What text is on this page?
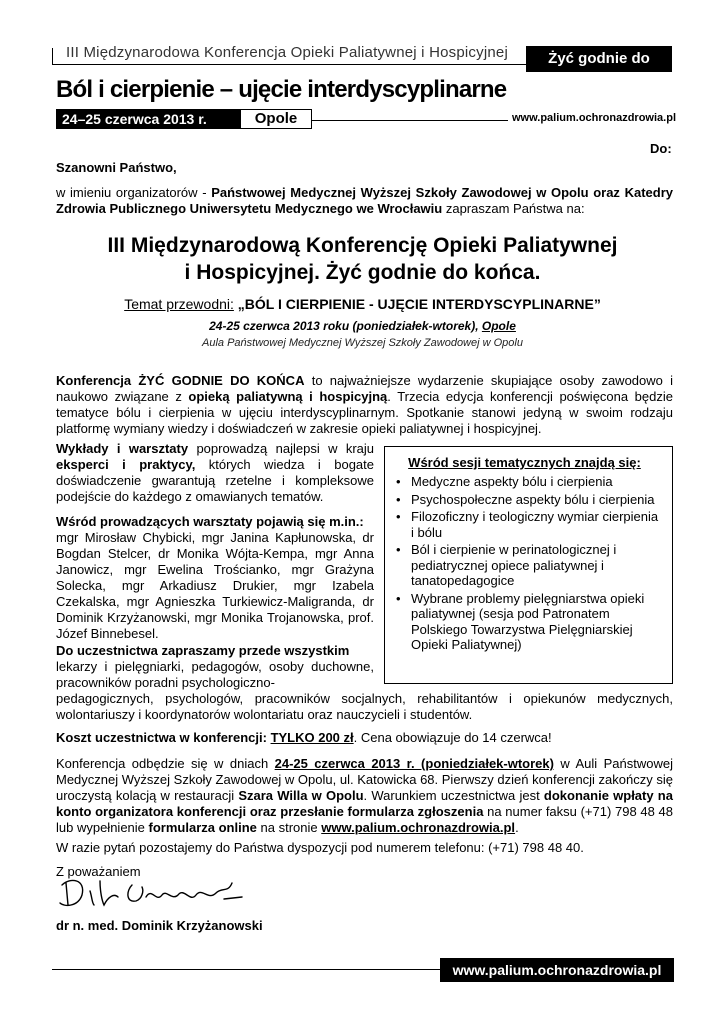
III Międzynarodowa Konferencja Opieki Paliatywnej i Hospicyjnej	Żyć godnie do końca
Ból i cierpienie – ujęcie interdyscyplinarne
24–25 czerwca 2013 r.	Opole	www.palium.ochronazdrowia.pl
Do:
Szanowni Państwo,
w imieniu organizatorów - Państwowej Medycznej Wyższej Szkoły Zawodowej w Opolu oraz Katedry Zdrowia Publicznego Uniwersytetu Medycznego we Wrocławiu zapraszam Państwa na:
III Międzynarodową Konferencję Opieki Paliatywnej
i Hospicyjnej. Żyć godnie do końca.
Temat przewodni: „BÓL I CIERPIENIE - UJĘCIE INTERDYSCYPLINARNE”
24-25 czerwca 2013 roku (poniedziałek-wtorek), Opole
Aula Państwowej Medycznej Wyższej Szkoły Zawodowej w Opolu
Konferencja ŻYĆ GODNIE DO KOŃCA to najważniejsze wydarzenie skupiające osoby zawodowo i naukowo związane z opieką paliatywną i hospicyjną. Trzecia edycja konferencji poświęcona będzie tematyce bólu i cierpienia w ujęciu interdyscyplinarnym. Spotkanie stanowi jedyną w swoim rodzaju platformę wymiany wiedzy i doświadczeń w zakresie opieki paliatywnej i hospicyjnej.
Wykłady i warsztaty poprowadzą najlepsi w kraju eksperci i praktycy, których wiedza i bogate doświadczenie gwarantują rzetelne i kompleksowe podejście do każdego z omawianych tematów.
Wśród prowadzących warsztaty pojawią się m.in.:
mgr Mirosław Chybicki, mgr Janina Kapłunowska, dr Bogdan Stelcer, dr Monika Wójta-Kempa, mgr Anna Janowicz, mgr Ewelina Trościanko, mgr Grażyna Solecka, mgr Arkadiusz Drukier, mgr Izabela Czekalska, mgr Agnieszka Turkiewicz-Maligranda, dr Dominik Krzyżanowski, mgr Monika Trojanowska, prof. Józef Binnebesel.
Do uczestnictwa zapraszamy przede wszystkim
lekarzy i pielęgniarki, pedagogów, osoby duchowne, pracowników poradni psychologiczno-
pedagogicznych, psychologów, pracowników socjalnych, rehabilitantów i opiekunów medycznych, wolontariuszy i koordynatorów wolontariatu oraz nauczycieli i studentów.
Wśród sesji tematycznych znajdą się:
• Medyczne aspekty bólu i cierpienia
• Psychospołeczne aspekty bólu i cierpienia
• Filozoficzny i teologiczny wymiar cierpienia i bólu
• Ból i cierpienie w perinatologicznej i pediatrycznej opiece paliatywnej i tanatopedagogice
• Wybrane problemy pielęgniarstwa opieki paliatywnej (sesja pod Patronatem Polskiego Towarzystwa Pielęgniarskiej Opieki Paliatywnej)
Koszt uczestnictwa w konferencji: TYLKO 200 zł. Cena obowiązuje do 14 czerwca!
Konferencja odbędzie się w dniach 24-25 czerwca 2013 r. (poniedziałek-wtorek) w Auli Państwowej Medycznej Wyższej Szkoły Zawodowej w Opolu, ul. Katowicka 68. Pierwszy dzień konferencji zakończy się uroczystą kolacją w restauracji Szara Willa w Opolu. Warunkiem uczestnictwa jest dokonanie wpłaty na konto organizatora konferencji oraz przesłanie formularza zgłoszenia na numer faksu (+71) 798 48 48 lub wypełnienie formularza online na stronie www.palium.ochronazdrowia.pl.
W razie pytań pozostajemy do Państwa dyspozycji pod numerem telefonu: (+71) 798 48 40.
Z poważaniem
dr n. med. Dominik Krzyżanowski
www.palium.ochronazdrowia.pl
